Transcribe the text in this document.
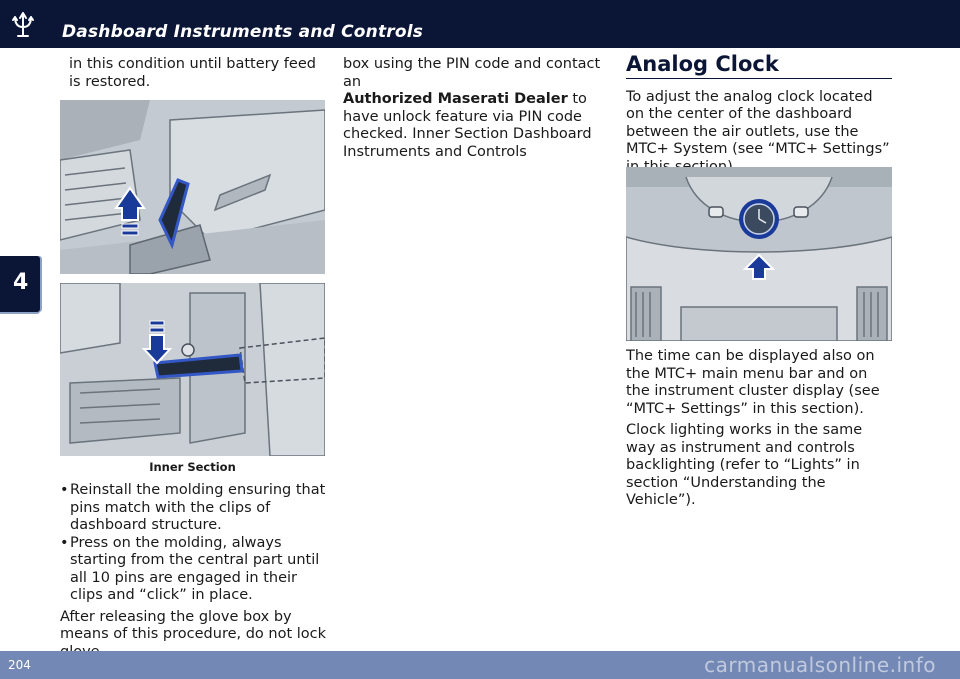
Dashboard Instruments and Controls
4

in this condition until battery feed is restored.

Inner Section
• Reinstall the molding ensuring that pins match with the clips of dashboard structure.
• Press on the molding, always starting from the central part until all 10 pins are engaged in their clips and “click” in place.

After releasing the glove box by means of this procedure, do not lock

box using the PIN code and contact an
Authorized Maserati Dealer to have unlock feature via PIN code checked. Inner Section Dashboard Instruments and Controls

Analog Clock

To adjust the analog clock located on the center of the dashboard between the air outlets, use the MTC+ System (see “MTC+ Settings”

The time can be displayed also on the MTC+ main menu bar and on the instrument cluster display (see “MTC+ Settings” in this section).

Clock lighting works in the same way as instrument and controls backlighting (refer to “Lights” in section “Understanding the Vehicle”).

204	carmanualsonline.info
